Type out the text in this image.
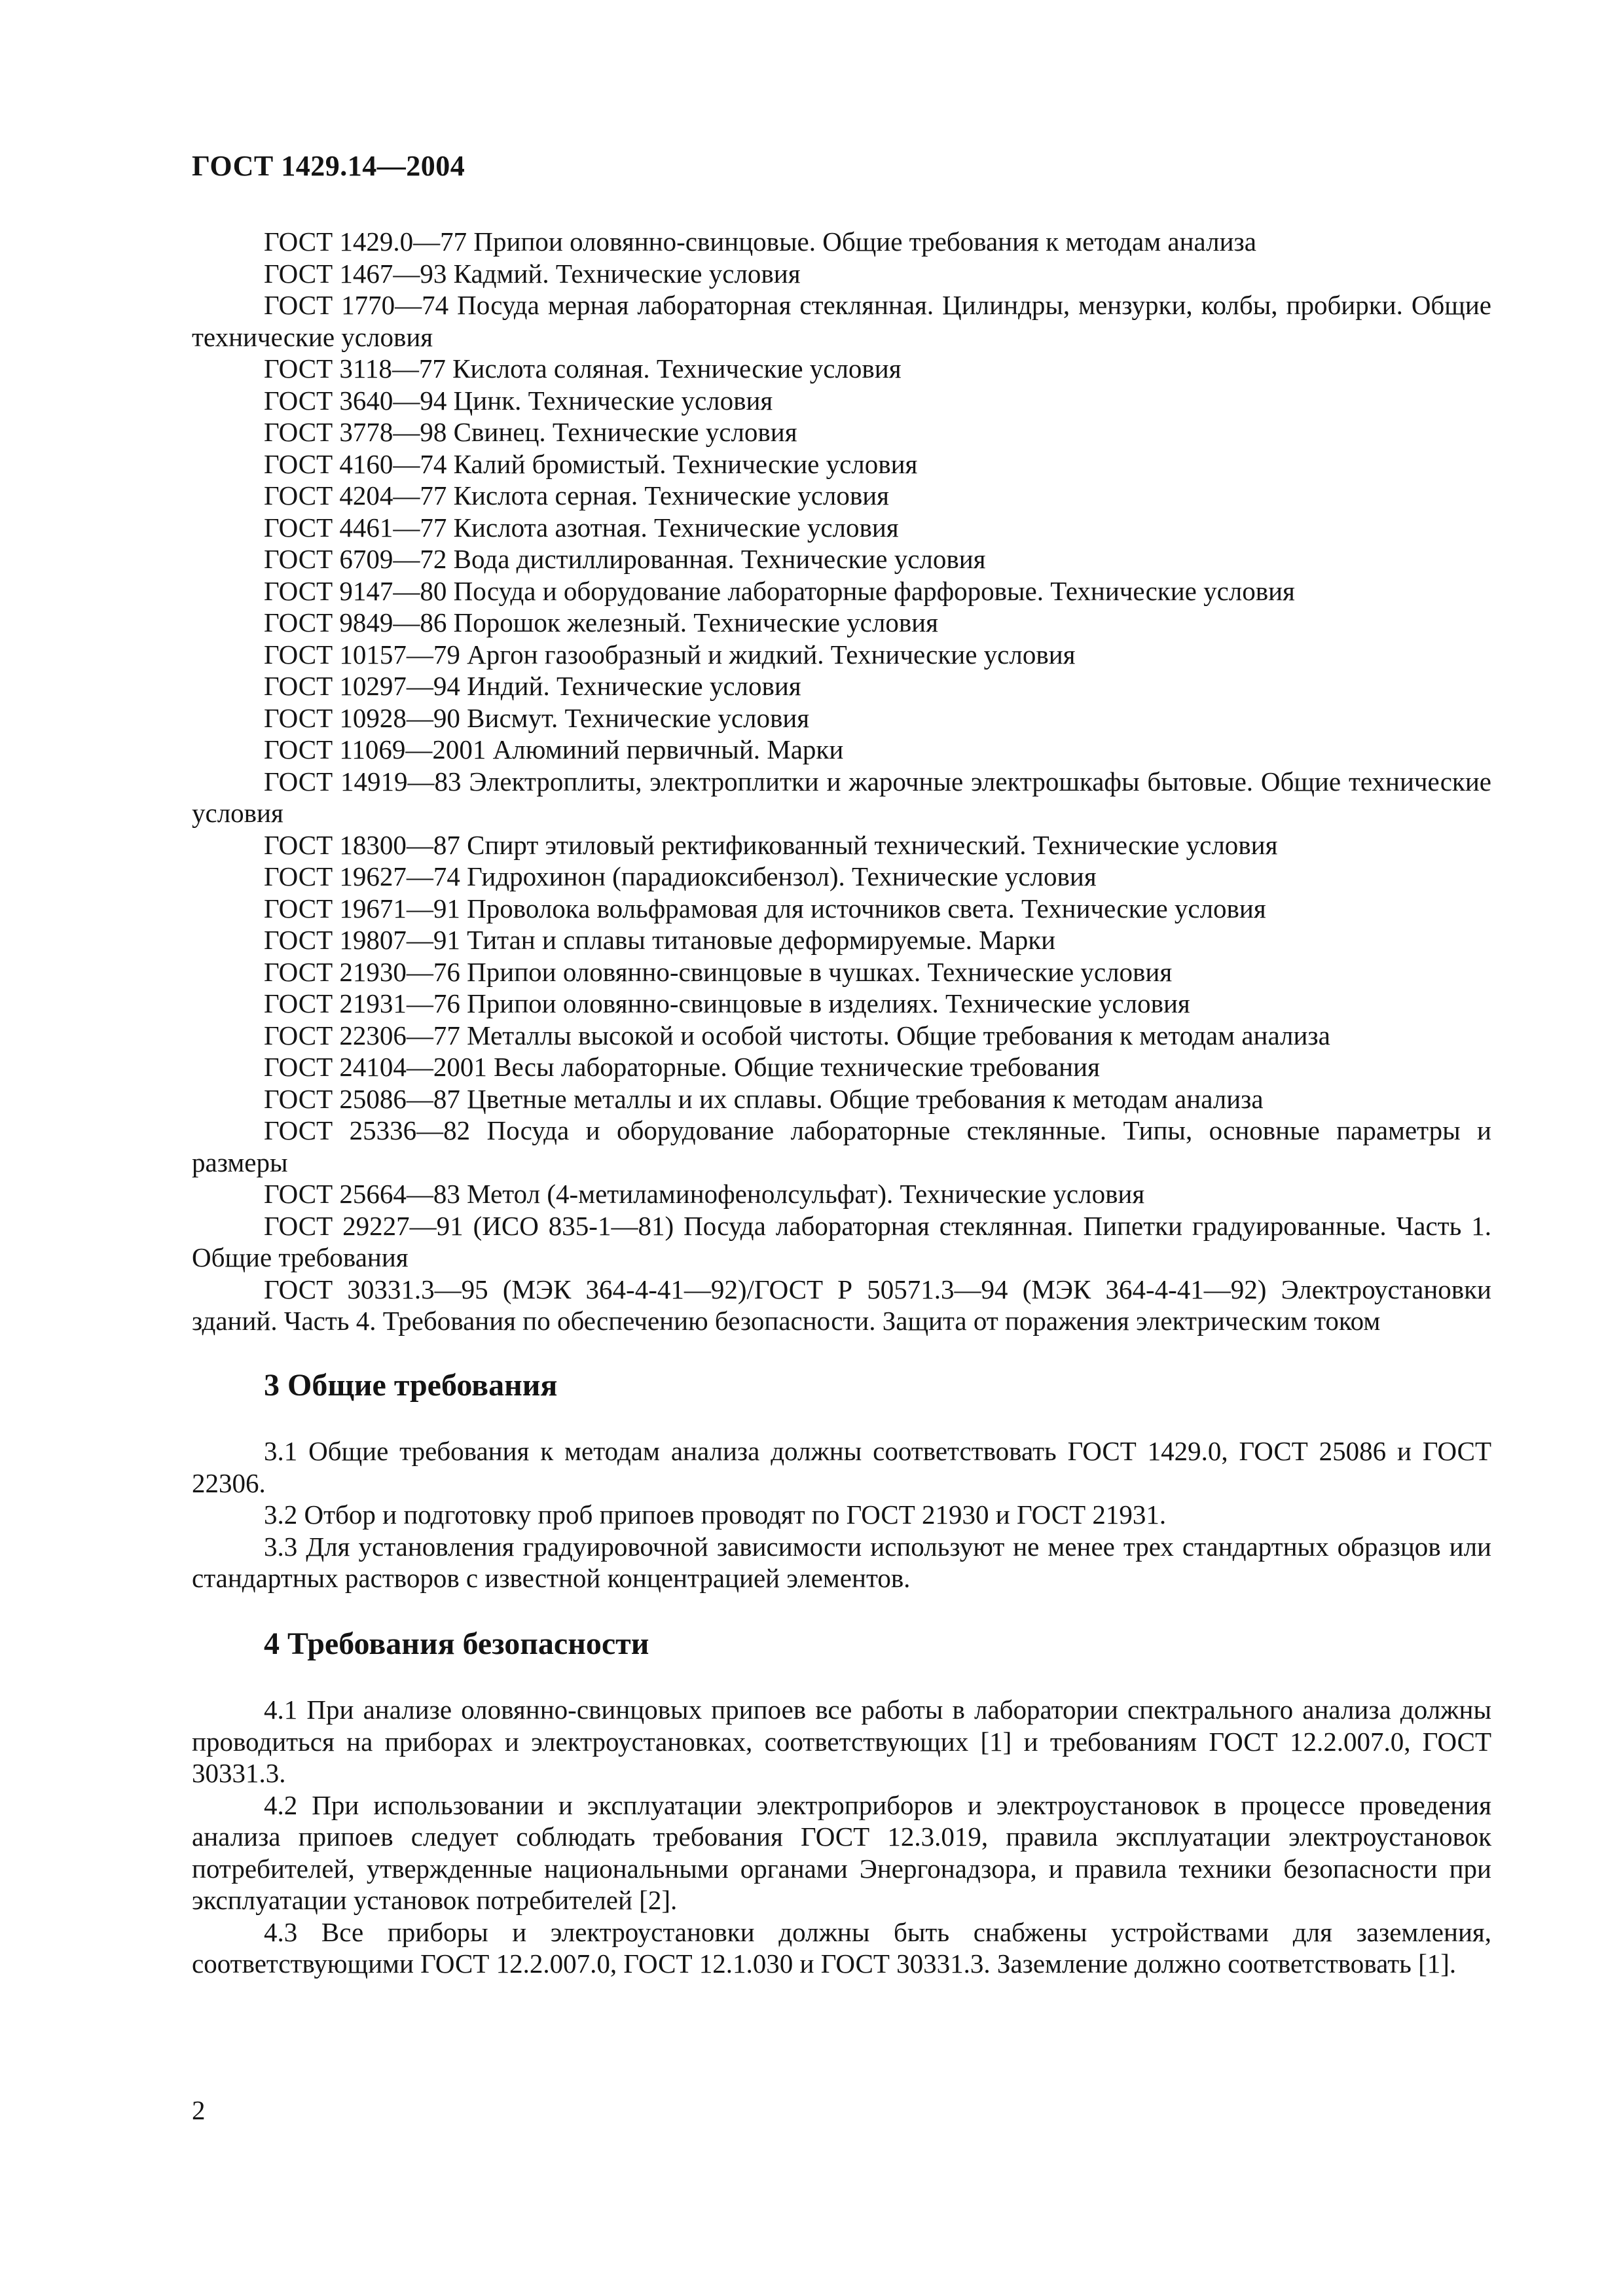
ГОСТ 1429.14—2004

ГОСТ 1429.0—77 Припои оловянно-свинцовые. Общие требования к методам анализа

ГОСТ 1467—93 Кадмий. Технические условия

ГОСТ 1770—74 Посуда мерная лабораторная стеклянная. Цилиндры, мензурки, колбы, пробирки. Общие технические условия

ГОСТ 3118—77 Кислота соляная. Технические условия

ГОСТ 3640—94 Цинк. Технические условия

ГОСТ 3778—98 Свинец. Технические условия

ГОСТ 4160—74 Калий бромистый. Технические условия

ГОСТ 4204—77 Кислота серная. Технические условия

ГОСТ 4461—77 Кислота азотная. Технические условия

ГОСТ 6709—72 Вода дистиллированная. Технические условия

ГОСТ 9147—80 Посуда и оборудование лабораторные фарфоровые. Технические условия

ГОСТ 9849—86 Порошок железный. Технические условия

ГОСТ 10157—79 Аргон газообразный и жидкий. Технические условия

ГОСТ 10297—94 Индий. Технические условия

ГОСТ 10928—90 Висмут. Технические условия

ГОСТ 11069—2001 Алюминий первичный. Марки

ГОСТ 14919—83 Электроплиты, электроплитки и жарочные электрошкафы бытовые. Общие технические условия

ГОСТ 18300—87 Спирт этиловый ректификованный технический. Технические условия

ГОСТ 19627—74 Гидрохинон (парадиоксибензол). Технические условия

ГОСТ 19671—91 Проволока вольфрамовая для источников света. Технические условия

ГОСТ 19807—91 Титан и сплавы титановые деформируемые. Марки

ГОСТ 21930—76 Припои оловянно-свинцовые в чушках. Технические условия

ГОСТ 21931—76 Припои оловянно-свинцовые в изделиях. Технические условия

ГОСТ 22306—77 Металлы высокой и особой чистоты. Общие требования к методам анализа

ГОСТ 24104—2001 Весы лабораторные. Общие технические требования

ГОСТ 25086—87 Цветные металлы и их сплавы. Общие требования к методам анализа

ГОСТ 25336—82 Посуда и оборудование лабораторные стеклянные. Типы, основные параметры и размеры

ГОСТ 25664—83 Метол (4-метиламинофенолсульфат). Технические условия

ГОСТ 29227—91 (ИСО 835-1—81) Посуда лабораторная стеклянная. Пипетки градуированные. Часть 1. Общие требования

ГОСТ 30331.3—95 (МЭК 364-4-41—92)/ГОСТ Р 50571.3—94 (МЭК 364-4-41—92) Электроустановки зданий. Часть 4. Требования по обеспечению безопасности. Защита от поражения электрическим током

3 Общие требования

3.1 Общие требования к методам анализа должны соответствовать ГОСТ 1429.0, ГОСТ 25086 и ГОСТ 22306.

3.2 Отбор и подготовку проб припоев проводят по ГОСТ 21930 и ГОСТ 21931.

3.3 Для установления градуировочной зависимости используют не менее трех стандартных образцов или стандартных растворов с известной концентрацией элементов.

4 Требования безопасности

4.1 При анализе оловянно-свинцовых припоев все работы в лаборатории спектрального анализа должны проводиться на приборах и электроустановках, соответствующих [1] и требованиям ГОСТ 12.2.007.0, ГОСТ 30331.3.

4.2 При использовании и эксплуатации электроприборов и электроустановок в процессе проведения анализа припоев следует соблюдать требования ГОСТ 12.3.019, правила эксплуатации электроустановок потребителей, утвержденные национальными органами Энергонадзора, и правила техники безопасности при эксплуатации установок потребителей [2].

4.3 Все приборы и электроустановки должны быть снабжены устройствами для заземления, соответствующими ГОСТ 12.2.007.0, ГОСТ 12.1.030 и ГОСТ 30331.3. Заземление должно соответствовать [1].

2
